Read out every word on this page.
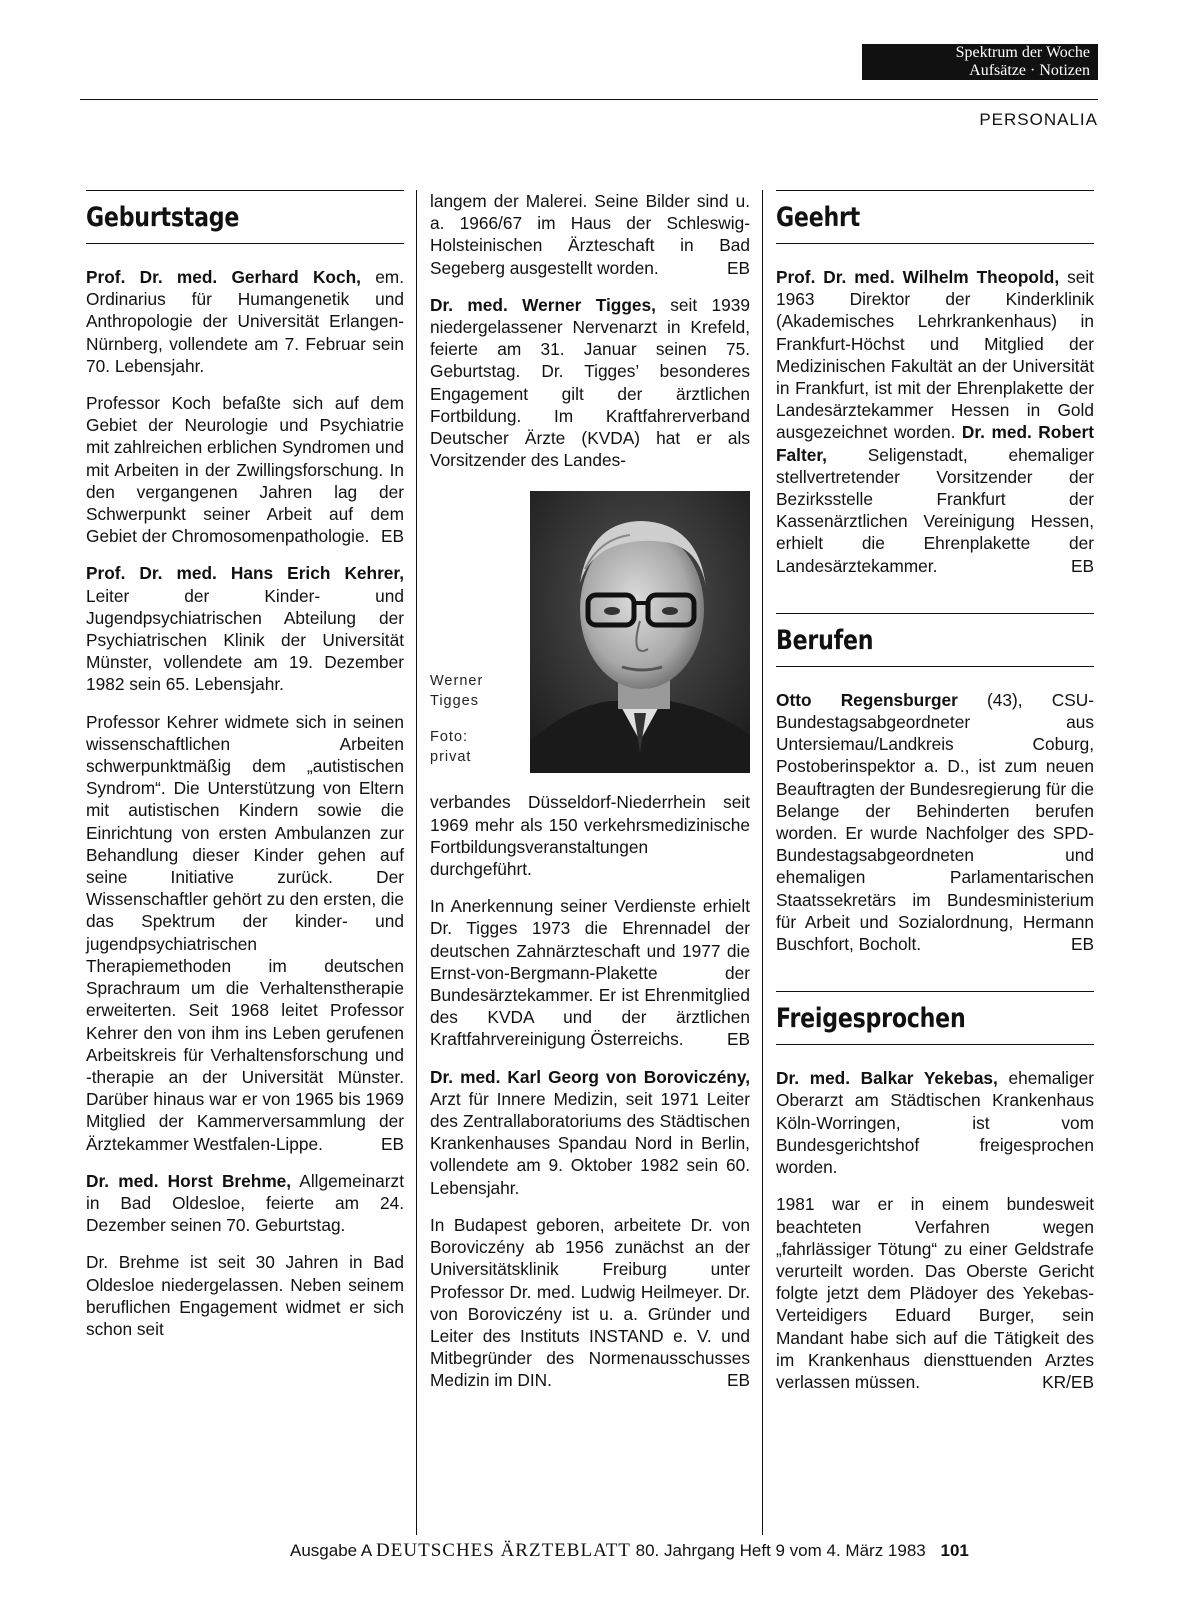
Spektrum der Woche
Aufsätze · Notizen
PERSONALIA
Geburtstage

Prof. Dr. med. Gerhard Koch, em. Ordinarius für Humangenetik und Anthropologie der Universität Erlangen-Nürnberg, vollendete am 7. Februar sein 70. Lebensjahr.

Professor Koch befaßte sich auf dem Gebiet der Neurologie und Psychiatrie mit zahlreichen erblichen Syndromen und mit Arbeiten in der Zwillingsforschung. In den vergangenen Jahren lag der Schwerpunkt seiner Arbeit auf dem Gebiet der Chromosomenpathologie. EB

Prof. Dr. med. Hans Erich Kehrer, Leiter der Kinder- und Jugendpsychiatrischen Abteilung der Psychiatrischen Klinik der Universität Münster, vollendete am 19. Dezember 1982 sein 65. Lebensjahr.

Professor Kehrer widmete sich in seinen wissenschaftlichen Arbeiten schwerpunktmäßig dem „autistischen Syndrom“. Die Unterstützung von Eltern mit autistischen Kindern sowie die Einrichtung von ersten Ambulanzen zur Behandlung dieser Kinder gehen auf seine Initiative zurück. Der Wissenschaftler gehört zu den ersten, die das Spektrum der kinder- und jugendpsychiatrischen Therapiemethoden im deutschen Sprachraum um die Verhaltenstherapie erweiterten. Seit 1968 leitet Professor Kehrer den von ihm ins Leben gerufenen Arbeitskreis für Verhaltensforschung und -therapie an der Universität Münster. Darüber hinaus war er von 1965 bis 1969 Mitglied der Kammerversammlung der Ärztekammer Westfalen-Lippe.	EB

Dr. med. Horst Brehme, Allgemeinarzt in Bad Oldesloe, feierte am 24. Dezember seinen 70. Geburtstag.

Dr. Brehme ist seit 30 Jahren in Bad Oldesloe niedergelassen. Neben seinem beruflichen Engagement widmet er sich schon seit

langem der Malerei. Seine Bilder sind u. a. 1966/67 im Haus der Schleswig-Holsteinischen Ärzteschaft in Bad Segeberg ausgestellt worden.	EB

Dr. med. Werner Tigges, seit 1939 niedergelassener Nervenarzt in Krefeld, feierte am 31. Januar seinen 75. Geburtstag. Dr. Tigges’ besonderes Engagement gilt der ärztlichen Fortbildung. Im Kraftfahrerverband Deutscher Ärzte (KVDA) hat er als Vorsitzender des Landes-

Werner
Tigges
Foto:
privat

verbandes Düsseldorf-Niederrhein seit 1969 mehr als 150 verkehrsmedizinische Fortbildungsveranstaltungen durchgeführt.

In Anerkennung seiner Verdienste erhielt Dr. Tigges 1973 die Ehrennadel der deutschen Zahnärzteschaft und 1977 die Ernst-von-Bergmann-Plakette der Bundesärztekammer. Er ist Ehrenmitglied des KVDA und der ärztlichen Kraftfahrvereinigung Österreichs.	EB

Dr. med. Karl Georg von Boroviczény, Arzt für Innere Medizin, seit 1971 Leiter des Zentrallaboratoriums des Städtischen Krankenhauses Spandau Nord in Berlin, vollendete am 9. Oktober 1982 sein 60. Lebensjahr.

In Budapest geboren, arbeitete Dr. von Boroviczény ab 1956 zunächst an der Universitätsklinik Freiburg unter Professor Dr. med. Ludwig Heilmeyer. Dr. von Boroviczény ist u. a. Gründer und Leiter des Instituts INSTAND e. V. und Mitbegründer des Normenausschusses Medizin im DIN.	EB

Geehrt

Prof. Dr. med. Wilhelm Theopold, seit 1963 Direktor der Kinderklinik (Akademisches Lehrkrankenhaus) in Frankfurt-Höchst und Mitglied der Medizinischen Fakultät an der Universität in Frankfurt, ist mit der Ehrenplakette der Landesärztekammer Hessen in Gold ausgezeichnet worden. Dr. med. Robert Falter, Seligenstadt, ehemaliger stellvertretender Vorsitzender der Bezirksstelle Frankfurt der Kassenärztlichen Vereinigung Hessen, erhielt die Ehrenplakette der Landesärztekammer.	EB

Berufen

Otto Regensburger (43), CSU-Bundestagsabgeordneter aus Untersiemau/Landkreis Coburg, Postoberinspektor a. D., ist zum neuen Beauftragten der Bundesregierung für die Belange der Behinderten berufen worden. Er wurde Nachfolger des SPD-Bundestagsabgeordneten und ehemaligen Parlamentarischen Staatssekretärs im Bundesministerium für Arbeit und Sozialordnung, Hermann Buschfort, Bocholt.	EB

Freigesprochen

Dr. med. Balkar Yekebas, ehemaliger Oberarzt am Städtischen Krankenhaus Köln-Worringen, ist vom Bundesgerichtshof freigesprochen worden.

1981 war er in einem bundesweit beachteten Verfahren wegen „fahrlässiger Tötung“ zu einer Geldstrafe verurteilt worden. Das Oberste Gericht folgte jetzt dem Plädoyer des Yekebas-Verteidigers Eduard Burger, sein Mandant habe sich auf die Tätigkeit des im Krankenhaus diensttuenden Arztes verlassen müssen.	KR/EB

Ausgabe A DEUTSCHES ÄRZTEBLATT 80. Jahrgang Heft 9 vom 4. März 1983 101
